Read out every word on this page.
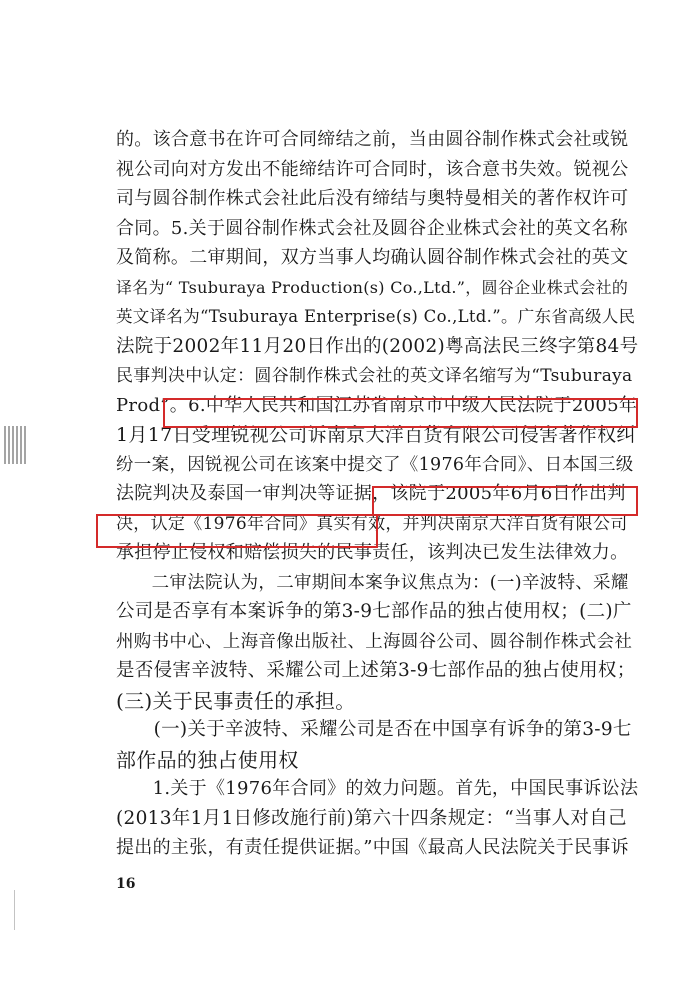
的。该合意书在许可合同缔结之前，当由圆谷制作株式会社或锐
视公司向对方发出不能缔结许可合同时，该合意书失效。锐视公
司与圆谷制作株式会社此后没有缔结与奥特曼相关的著作权许可
合同。5.关于圆谷制作株式会社及圆谷企业株式会社的英文名称
及简称。二审期间，双方当事人均确认圆谷制作株式会社的英文
译名为“ Tsuburaya Production(s) Co.,Ltd.”，圆谷企业株式会社的
英文译名为“Tsuburaya Enterprise(s) Co.,Ltd.”。广东省高级人民
法院于2002年11月20日作出的(2002)粤高法民三终字第84号
民事判决中认定：圆谷制作株式会社的英文译名缩写为“Tsuburaya
Prod”。6.中华人民共和国江苏省南京市中级人民法院于2005年
1月17日受理锐视公司诉南京大洋百货有限公司侵害著作权纠
纷一案，因锐视公司在该案中提交了《1976年合同》、日本国三级
法院判决及泰国一审判决等证据，该院于2005年6月6日作出判
决，认定《1976年合同》真实有效，并判决南京大洋百货有限公司
承担停止侵权和赔偿损失的民事责任，该判决已发生法律效力。
　　二审法院认为，二审期间本案争议焦点为：(一)辛波特、采耀
公司是否享有本案诉争的第3-9七部作品的独占使用权；(二)广
州购书中心、上海音像出版社、上海圆谷公司、圆谷制作株式会社
是否侵害辛波特、采耀公司上述第3-9七部作品的独占使用权；
(三)关于民事责任的承担。
　　(一)关于辛波特、采耀公司是否在中国享有诉争的第3-9七
部作品的独占使用权
　　1.关于《1976年合同》的效力问题。首先，中国民事诉讼法
(2013年1月1日修改施行前)第六十四条规定：“当事人对自己
提出的主张，有责任提供证据。”中国《最高人民法院关于民事诉
16
